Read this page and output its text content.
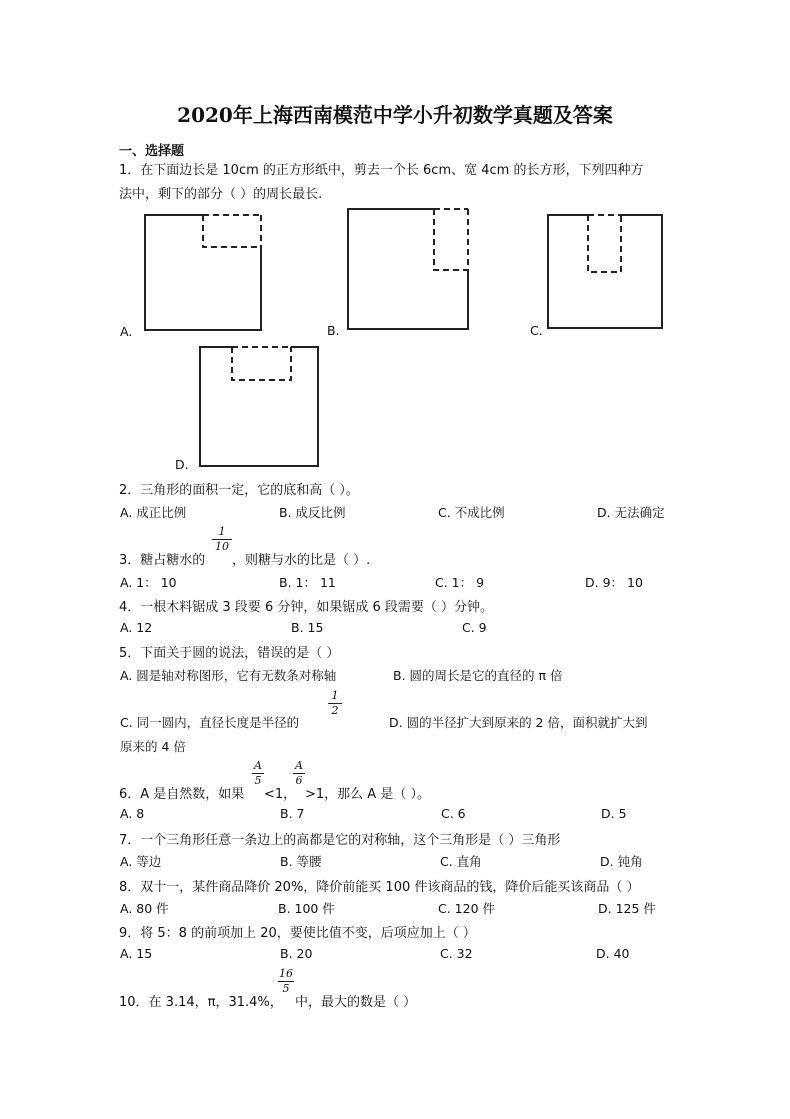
2020年上海西南模范中学小升初数学真题及答案
一、选择题
1．在下面边长是 10cm 的正方形纸中，剪去一个长 6cm、宽 4cm 的长方形，下列四种方
法中，剩下的部分（ ）的周长最长.
A.	B.	C.
D.
2．三角形的面积一定，它的底和高（ ）。
A. 成正比例	B. 成反比例	C. 不成比例	D. 无法确定
3．糖占糖水的
1
10
，则糖与水的比是（ ）.
A. 1： 10	B. 1： 11	C. 1： 9	D. 9： 10
4．一根木料锯成 3 段要 6 分钟，如果锯成 6 段需要（ ）分钟。
A. 12	B. 15	C. 9
5．下面关于圆的说法，错误的是（ ）
A. 圆是轴对称图形，它有无数条对称轴	B. 圆的周长是它的直径的 π 倍
C. 同一圆内，直径长度是半径的
1
2
D. 圆的半径扩大到原来的 2 倍，面积就扩大到
原来的 4 倍
6．A 是自然数，如果
A
5
<1，
A
6
>1，那么 A 是（ ）。
A. 8	B. 7	C. 6	D. 5
7．一个三角形任意一条边上的高都是它的对称轴，这个三角形是（ ）三角形
A. 等边	B. 等腰	C. 直角	D. 钝角
8．双十一，某件商品降价 20%，降价前能买 100 件该商品的钱，降价后能买该商品（ ）
A. 80 件	B. 100 件	C. 120 件	D. 125 件
9．将 5：8 的前项加上 20，要使比值不变，后项应加上（ ）
A. 15	B. 20	C. 32	D. 40
10．在 3.14，π，31.4%，
16
5
中，最大的数是（ ）
